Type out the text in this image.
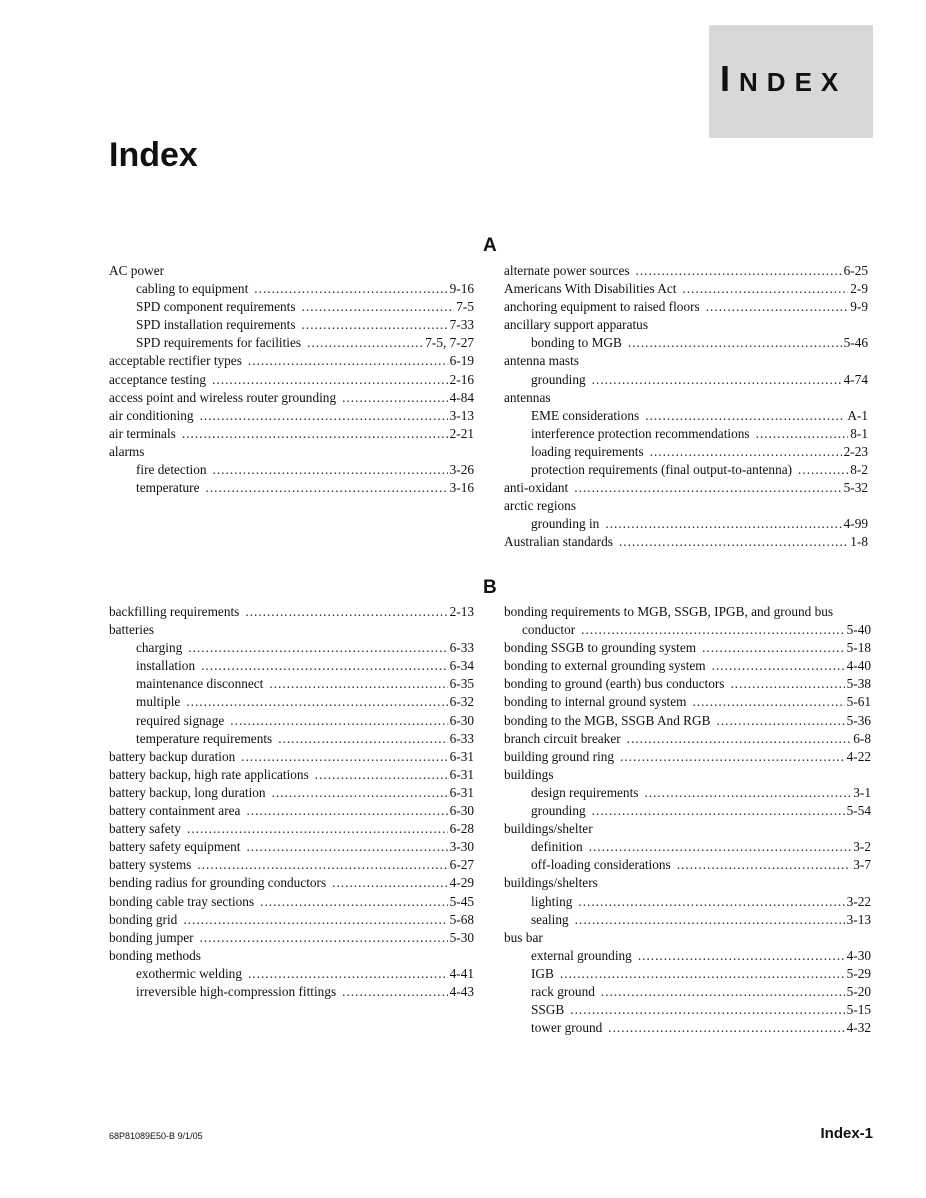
INDEX
Index
A
AC power
cabling to equipment .....	9-16
SPD component requirements .....	7-5
SPD installation requirements .....	7-33
SPD requirements for facilities .....	7-5, 7-27
acceptable rectifier types .....	6-19
acceptance testing .....	2-16
access point and wireless router grounding .....	4-84
air conditioning .....	3-13
air terminals .....	2-21
alarms
fire detection .....	3-26
temperature .....	3-16
alternate power sources .....	6-25
Americans With Disabilities Act .....	2-9
anchoring equipment to raised floors .....	9-9
ancillary support apparatus
bonding to MGB .....	5-46
antenna masts
grounding .....	4-74
antennas
EME considerations .....	A-1
interference protection recommendations .....	8-1
loading requirements .....	2-23
protection requirements (final output-to-antenna) .....	8-2
anti-oxidant .....	5-32
arctic regions
grounding in .....	4-99
Australian standards .....	1-8
B
backfilling requirements .....	2-13
batteries
charging .....	6-33
installation .....	6-34
maintenance disconnect .....	6-35
multiple .....	6-32
required signage .....	6-30
temperature requirements .....	6-33
battery backup duration .....	6-31
battery backup, high rate applications .....	6-31
battery backup, long duration .....	6-31
battery containment area .....	6-30
battery safety .....	6-28
battery safety equipment .....	3-30
battery systems .....	6-27
bending radius for grounding conductors .....	4-29
bonding cable tray sections .....	5-45
bonding grid .....	5-68
bonding jumper .....	5-30
bonding methods
exothermic welding .....	4-41
irreversible high-compression fittings .....	4-43
bonding requirements to MGB, SSGB, IPGB, and ground bus
conductor .....	5-40
bonding SSGB to grounding system .....	5-18
bonding to external grounding system .....	4-40
bonding to ground (earth) bus conductors .....	5-38
bonding to internal ground system .....	5-61
bonding to the MGB, SSGB And RGB .....	5-36
branch circuit breaker .....	6-8
building ground ring .....	4-22
buildings
design requirements .....	3-1
grounding .....	5-54
buildings/shelter
definition .....	3-2
off-loading considerations .....	3-7
buildings/shelters
lighting .....	3-22
sealing .....	3-13
bus bar
external grounding .....	4-30
IGB .....	5-29
rack ground .....	5-20
SSGB .....	5-15
tower ground .....	4-32
68P81089E50-B 9/1/05	Index-1
